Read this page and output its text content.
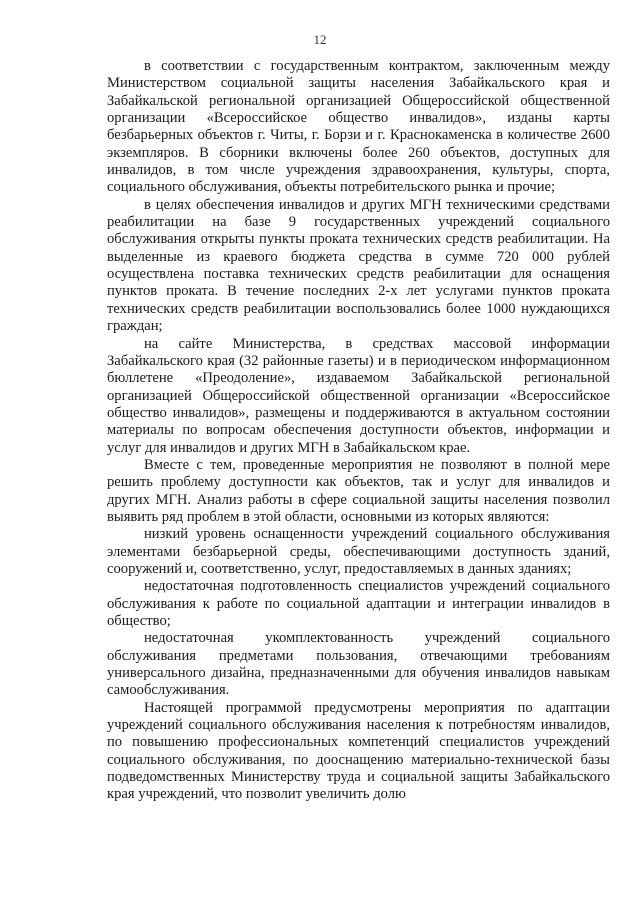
12

в соответствии с государственным контрактом, заключенным между Министерством социальной защиты населения Забайкальского края и Забайкальской региональной организацией Общероссийской общественной организации «Всероссийское общество инвалидов», изданы карты безбарьерных объектов г. Читы, г. Борзи и г. Краснокаменска в количестве 2600 экземпляров. В сборники включены более 260 объектов, доступных для инвалидов, в том числе учреждения здравоохранения, культуры, спорта, социального обслуживания, объекты потребительского рынка и прочие;

в целях обеспечения инвалидов и других МГН техническими средствами реабилитации на базе 9 государственных учреждений социального обслуживания открыты пункты проката технических средств реабилитации. На выделенные из краевого бюджета средства в сумме 720 000 рублей осуществлена поставка технических средств реабилитации для оснащения пунктов проката. В течение последних 2-х лет услугами пунктов проката технических средств реабилитации воспользовались более 1000 нуждающихся граждан;

на сайте Министерства, в средствах массовой информации Забайкальского края (32 районные газеты) и в периодическом информационном бюллетене «Преодоление», издаваемом Забайкальской региональной организацией Общероссийской общественной организации «Всероссийское общество инвалидов», размещены и поддерживаются в актуальном состоянии материалы по вопросам обеспечения доступности объектов, информации и услуг для инвалидов и других МГН в Забайкальском крае.

Вместе с тем, проведенные мероприятия не позволяют в полной мере решить проблему доступности как объектов, так и услуг для инвалидов и других МГН. Анализ работы в сфере социальной защиты населения позволил выявить ряд проблем в этой области, основными из которых являются:

низкий уровень оснащенности учреждений социального обслуживания элементами безбарьерной среды, обеспечивающими доступность зданий, сооружений и, соответственно, услуг, предоставляемых в данных зданиях;

недостаточная подготовленность специалистов учреждений социального обслуживания к работе по социальной адаптации и интеграции инвалидов в общество;

недостаточная укомплектованность учреждений социального обслуживания предметами пользования, отвечающими требованиям универсального дизайна, предназначенными для обучения инвалидов навыкам самообслуживания.

Настоящей программой предусмотрены мероприятия по адаптации учреждений социального обслуживания населения к потребностям инвалидов, по повышению профессиональных компетенций специалистов учреждений социального обслуживания, по дооснащению материально-технической базы подведомственных Министерству труда и социальной защиты Забайкальского края учреждений, что позволит увеличить долю
